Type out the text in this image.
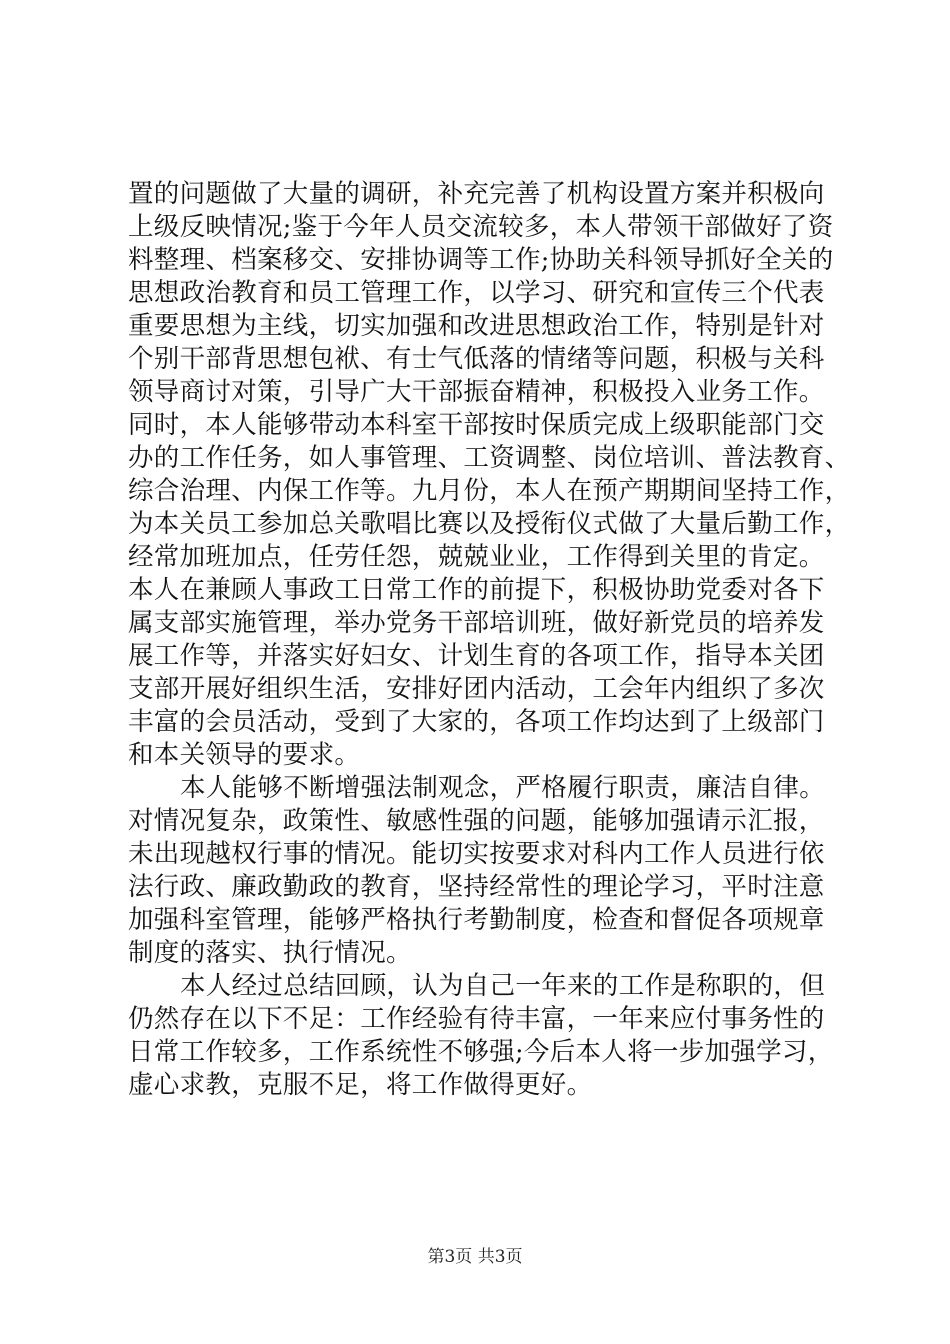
置的问题做了大量的调研，补充完善了机构设置方案并积极向
上级反映情况;鉴于今年人员交流较多，本人带领干部做好了资
料整理、档案移交、安排协调等工作;协助关科领导抓好全关的
思想政治教育和员工管理工作，以学习、研究和宣传三个代表
重要思想为主线，切实加强和改进思想政治工作，特别是针对
个别干部背思想包袱、有士气低落的情绪等问题，积极与关科
领导商讨对策，引导广大干部振奋精神，积极投入业务工作。
同时，本人能够带动本科室干部按时保质完成上级职能部门交
办的工作任务，如人事管理、工资调整、岗位培训、普法教育、
综合治理、内保工作等。九月份，本人在预产期期间坚持工作，
为本关员工参加总关歌唱比赛以及授衔仪式做了大量后勤工作，
经常加班加点，任劳任怨，兢兢业业，工作得到关里的肯定。
本人在兼顾人事政工日常工作的前提下，积极协助党委对各下
属支部实施管理，举办党务干部培训班，做好新党员的培养发
展工作等，并落实好妇女、计划生育的各项工作，指导本关团
支部开展好组织生活，安排好团内活动，工会年内组织了多次
丰富的会员活动，受到了大家的，各项工作均达到了上级部门
和本关领导的要求。
本人能够不断增强法制观念，严格履行职责，廉洁自律。
对情况复杂，政策性、敏感性强的问题，能够加强请示汇报，
未出现越权行事的情况。能切实按要求对科内工作人员进行依
法行政、廉政勤政的教育，坚持经常性的理论学习，平时注意
加强科室管理，能够严格执行考勤制度，检查和督促各项规章
制度的落实、执行情况。
本人经过总结回顾，认为自己一年来的工作是称职的，但
仍然存在以下不足：工作经验有待丰富，一年来应付事务性的
日常工作较多，工作系统性不够强;今后本人将一步加强学习，
虚心求教，克服不足，将工作做得更好。
第3页 共3页
